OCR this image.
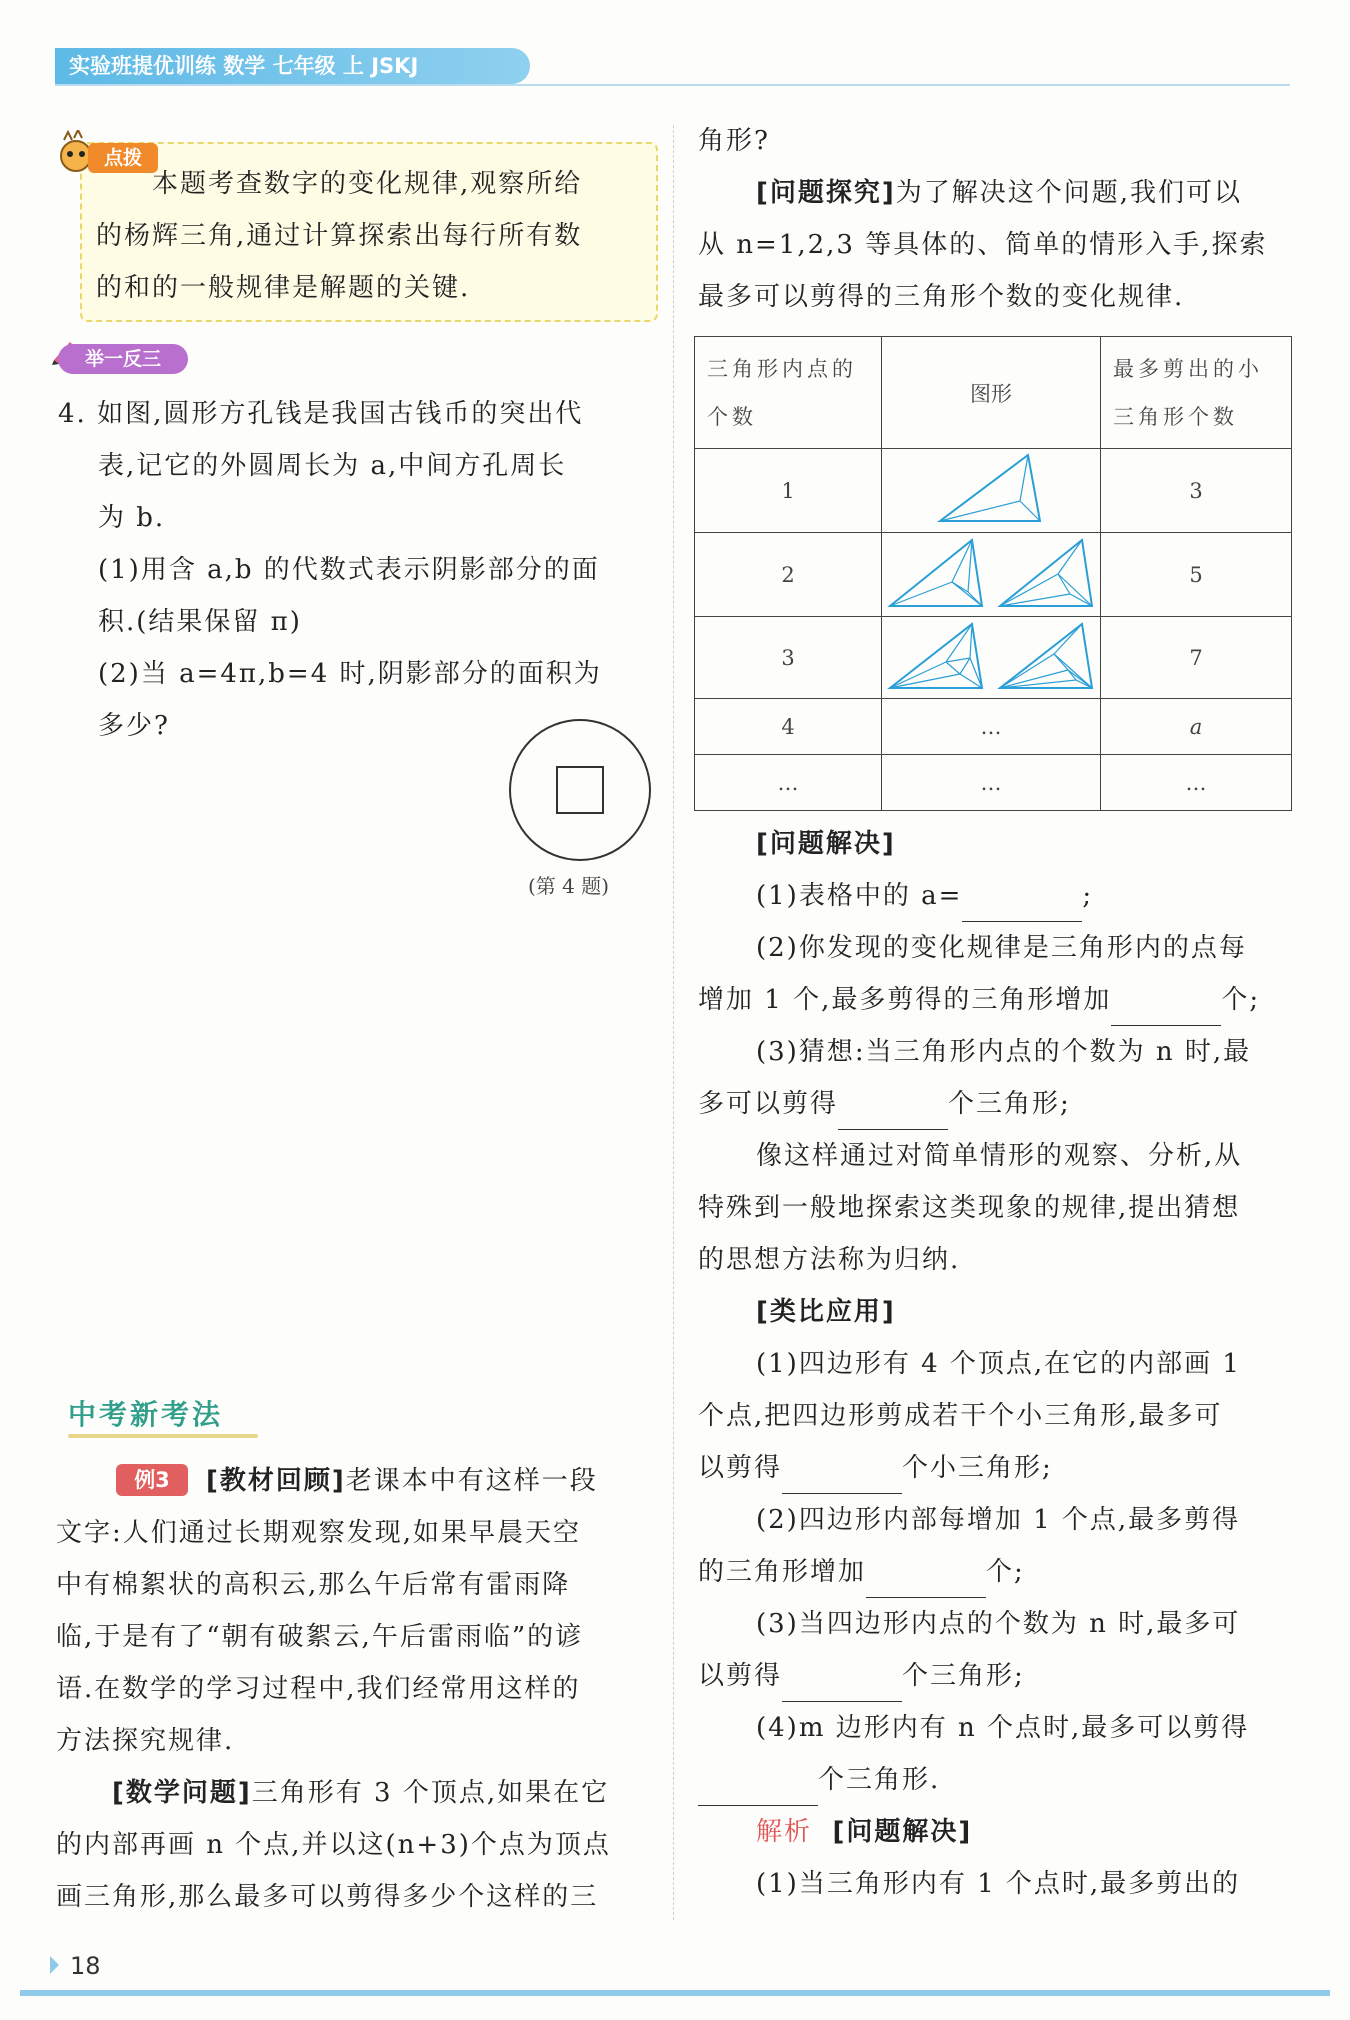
实验班提优训练 数学 七年级 上 JSKJ
点拨
本题考查数字的变化规律,观察所给
的杨辉三角,通过计算探索出每行所有数
的和的一般规律是解题的关键.
举一反三
4. 如图,圆形方孔钱是我国古钱币的突出代
表,记它的外圆周长为 a,中间方孔周长
为 b.
(1)用含 a,b 的代数式表示阴影部分的面
积.(结果保留 π)
(2)当 a=4π,b=4 时,阴影部分的面积为
多少?
(第 4 题)
中考新考法
例3	[教材回顾]老课本中有这样一段
文字:人们通过长期观察发现,如果早晨天空
中有棉絮状的高积云,那么午后常有雷雨降
临,于是有了“朝有破絮云,午后雷雨临”的谚
语.在数学的学习过程中,我们经常用这样的
方法探究规律.
[数学问题]三角形有 3 个顶点,如果在它
的内部再画 n 个点,并以这(n+3)个点为顶点
画三角形,那么最多可以剪得多少个这样的三
角形?
[问题探究]为了解决这个问题,我们可以
从 n=1,2,3 等具体的、简单的情形入手,探索
最多可以剪得的三角形个数的变化规律.
三角形内点的个数	图形	最多剪出的小三角形个数
1		3
2		5
3		7
4	…	a
…	…	…
[问题解决]
(1)表格中的 a=	;
(2)你发现的变化规律是三角形内的点每
增加 1 个,最多剪得的三角形增加	个;
(3)猜想:当三角形内点的个数为 n 时,最
多可以剪得	个三角形;
像这样通过对简单情形的观察、分析,从
特殊到一般地探索这类现象的规律,提出猜想
的思想方法称为归纳.
[类比应用]
(1)四边形有 4 个顶点,在它的内部画 1
个点,把四边形剪成若干个小三角形,最多可
以剪得	个小三角形;
(2)四边形内部每增加 1 个点,最多剪得
的三角形增加	个;
(3)当四边形内点的个数为 n 时,最多可
以剪得	个三角形;
(4)m 边形内有 n 个点时,最多可以剪得
个三角形.
解析 [问题解决]
(1)当三角形内有 1 个点时,最多剪出的
18
